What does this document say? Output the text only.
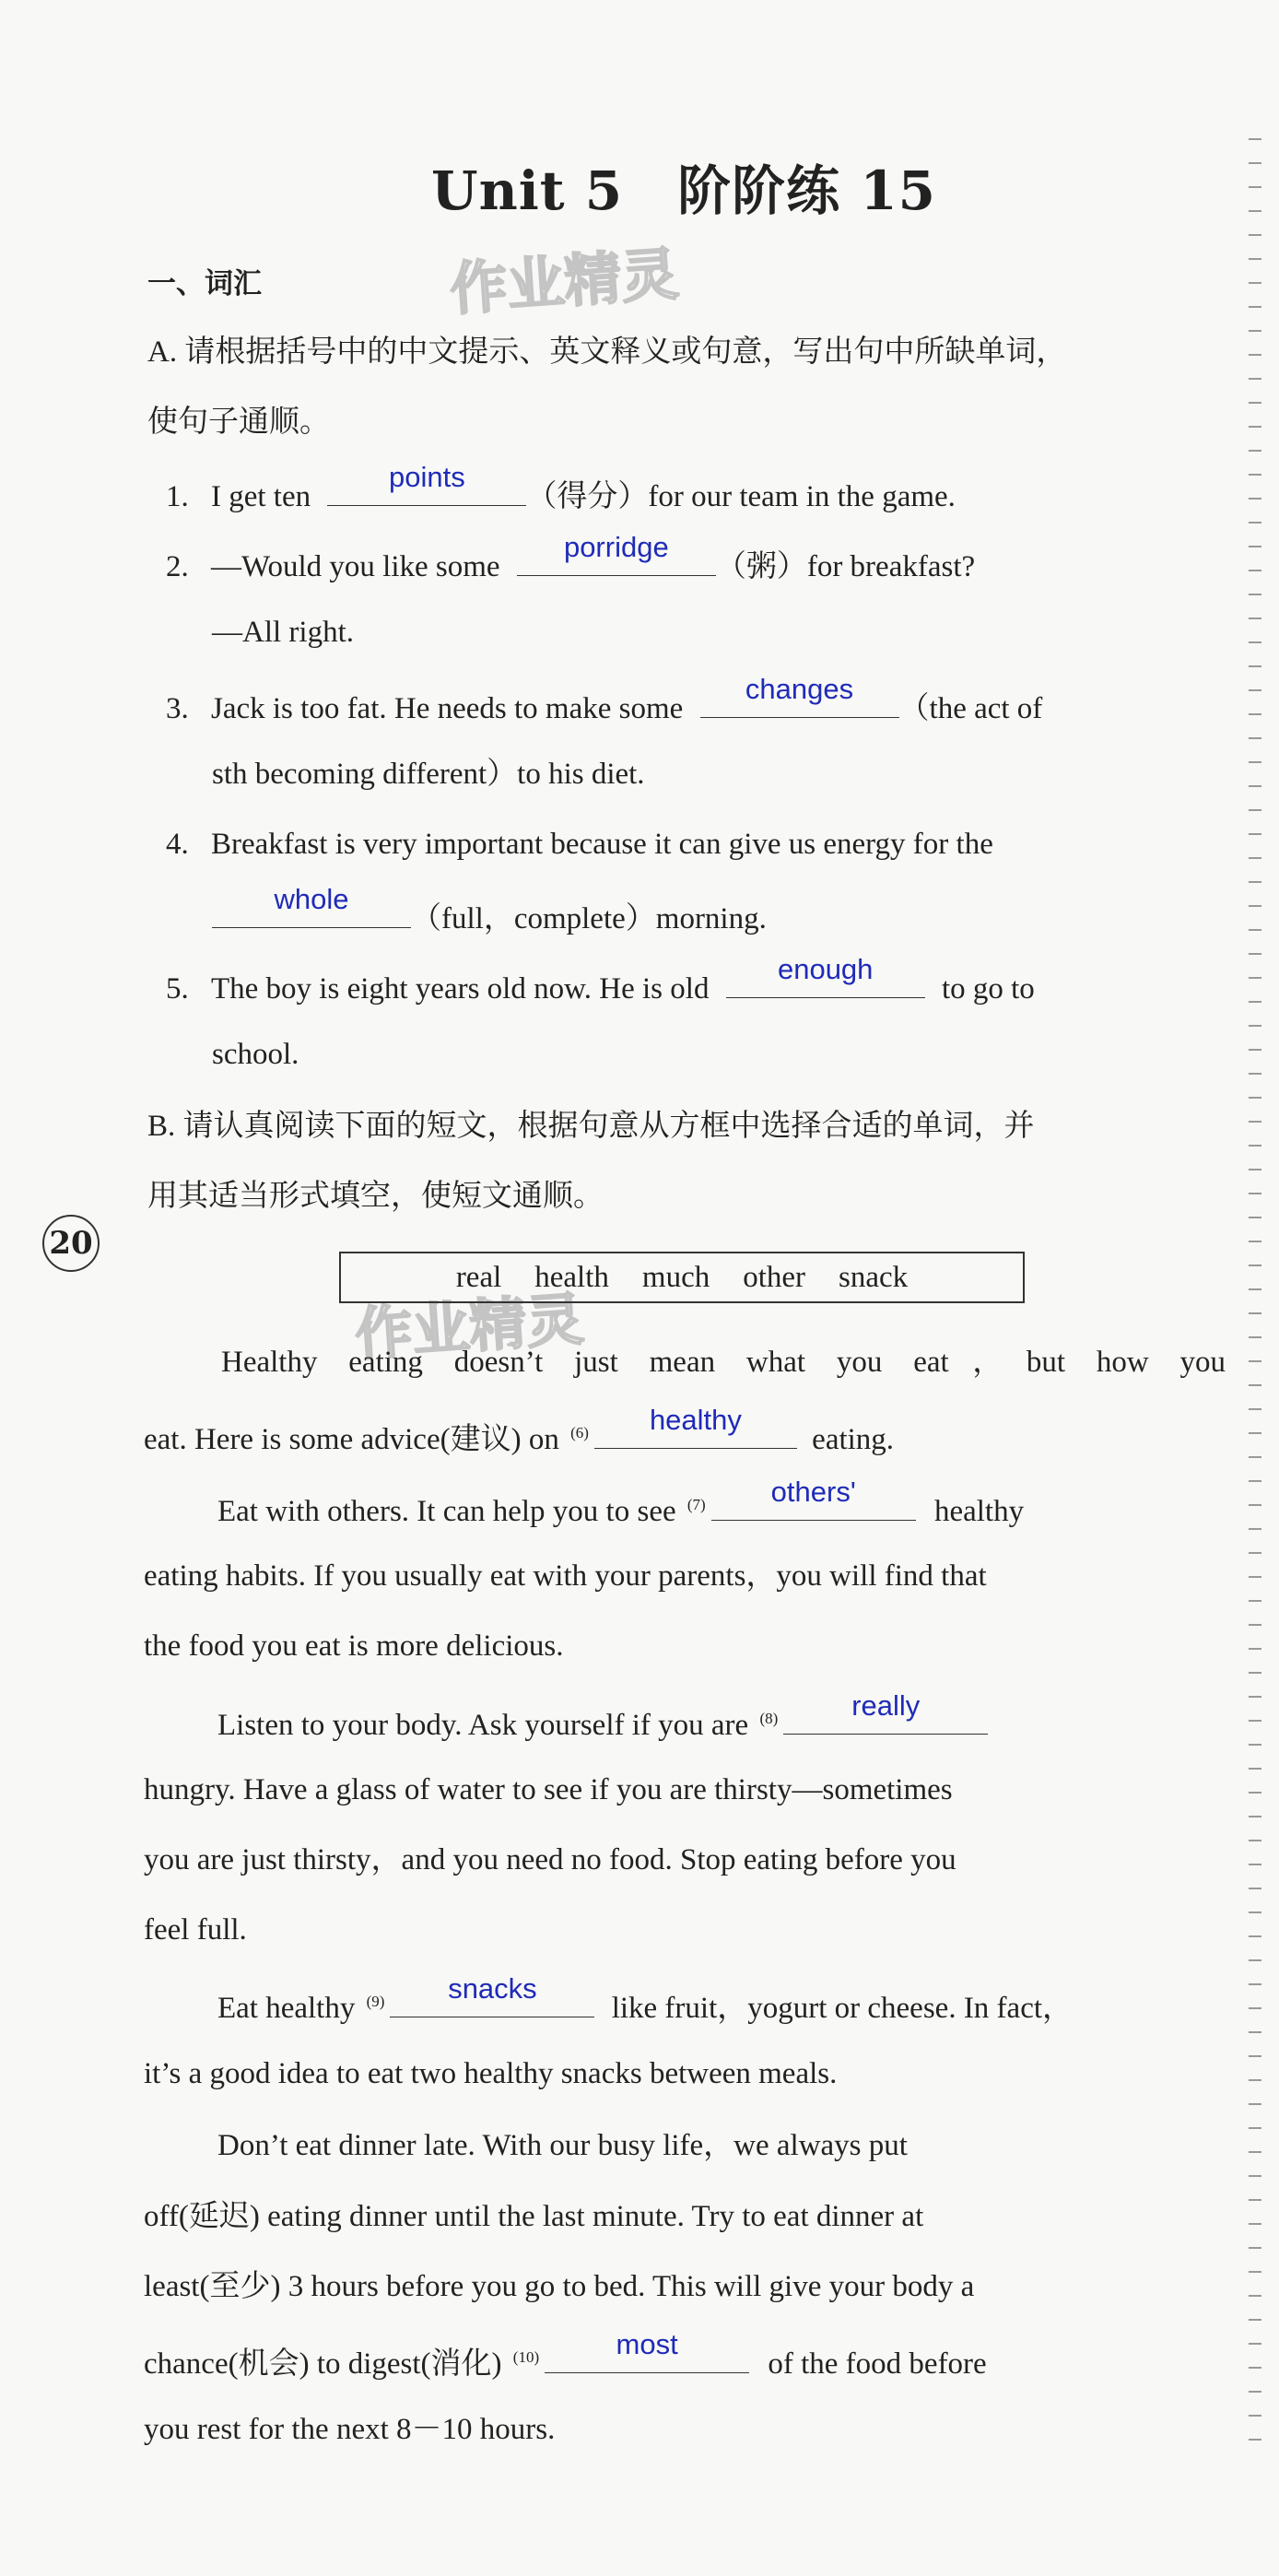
Unit 5　阶阶练 15
作业精灵
作业精灵
一、词汇
A. 请根据括号中的中文提示、英文释义或句意，写出句中所缺单词，
使句子通顺。
1. I get ten
points
（得分）for our team in the game.
2. —Would you like some
porridge
（粥）for breakfast?
—All right.
3. Jack is too fat. He needs to make some
changes
（the act of
sth becoming different）to his diet.
4. Breakfast is very important because it can give us energy for the
whole
（full，complete）morning.
5. The boy is eight years old now. He is old
enough
to go to
school.
B. 请认真阅读下面的短文，根据句意从方框中选择合适的单词，并
用其适当形式填空，使短文通顺。
20
real health much other snack
Healthy eating doesn’t just mean what you eat，but how you
eat. Here is some advice(建议) on $^{(6)}$	healthy
eating.
Eat with others. It can help you to see $^{(7)}$	others'
healthy
eating habits. If you usually eat with your parents，you will find that
the food you eat is more delicious.
Listen to your body. Ask yourself if you are $^{(8)}$	really
hungry. Have a glass of water to see if you are thirsty—sometimes
you are just thirsty，and you need no food. Stop eating before you
feel full.
Eat healthy $^{(9)}$	snacks
like fruit，yogurt or cheese. In fact，
it’s a good idea to eat two healthy snacks between meals.
Don’t eat dinner late. With our busy life，we always put
off(延迟) eating dinner until the last minute. Try to eat dinner at
least(至少) 3 hours before you go to bed. This will give your body a
chance(机会) to digest(消化) $^{(10)}$	most
of the food before
you rest for the next 8－10 hours.
